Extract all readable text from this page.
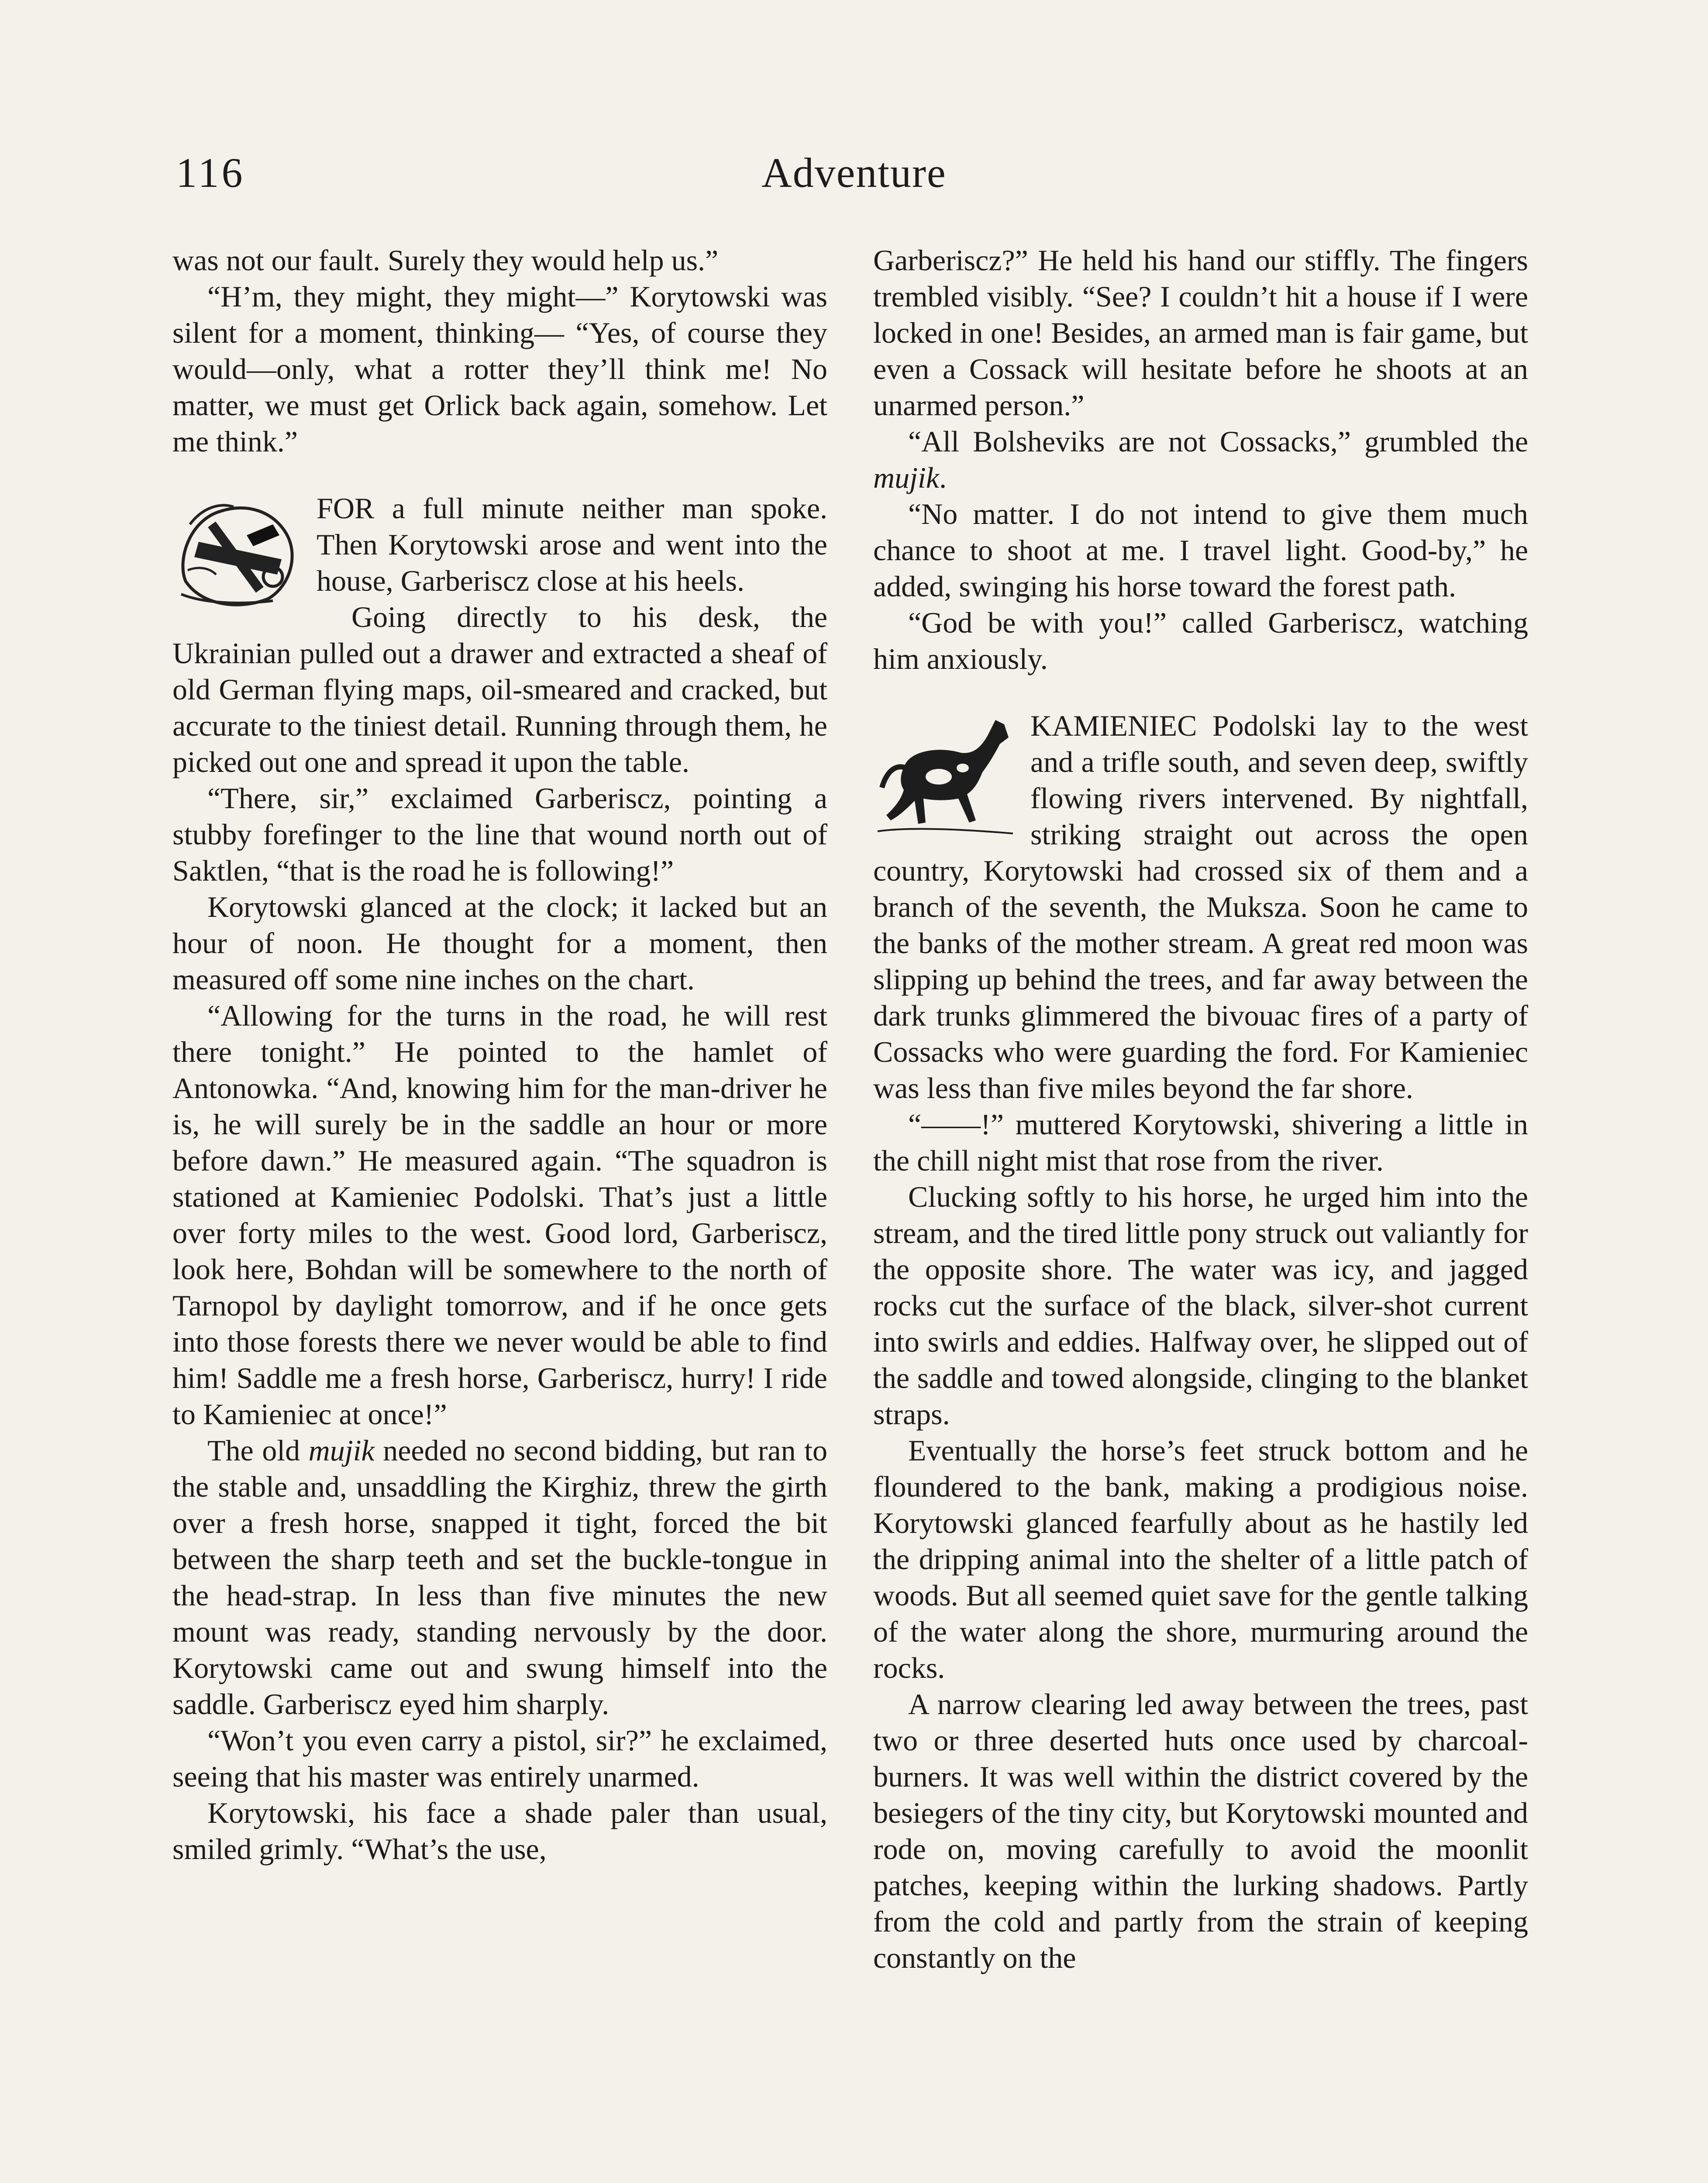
116	Adventure

was not our fault. Surely they would help us.”

“H’m, they might, they might—” Korytowski was silent for a moment, thinking— “Yes, of course they would—only, what a rotter they’ll think me! No matter, we must get Orlick back again, somehow. Let me think.”

FOR a full minute neither man spoke. Then Korytowski arose and went into the house, Garberiscz close at his heels.

Going directly to his desk, the Ukrainian pulled out a drawer and extracted a sheaf of old German flying maps, oil-smeared and cracked, but accurate to the tiniest detail. Running through them, he picked out one and spread it upon the table.

“There, sir,” exclaimed Garberiscz, pointing a stubby forefinger to the line that wound north out of Saktlen, “that is the road he is following!”

Korytowski glanced at the clock; it lacked but an hour of noon. He thought for a moment, then measured off some nine inches on the chart.

“Allowing for the turns in the road, he will rest there tonight.” He pointed to the hamlet of Antonowka. “And, knowing him for the man-driver he is, he will surely be in the saddle an hour or more before dawn.” He measured again. “The squadron is stationed at Kamieniec Podolski. That’s just a little over forty miles to the west. Good lord, Garberiscz, look here, Bohdan will be somewhere to the north of Tarnopol by daylight tomorrow, and if he once gets into those forests there we never would be able to find him! Saddle me a fresh horse, Garberiscz, hurry! I ride to Kamieniec at once!”

The old mujik needed no second bidding, but ran to the stable and, unsaddling the Kirghiz, threw the girth over a fresh horse, snapped it tight, forced the bit between the sharp teeth and set the buckle-tongue in the head-strap. In less than five minutes the new mount was ready, standing nervously by the door. Korytowski came out and swung himself into the saddle. Garberiscz eyed him sharply.

“Won’t you even carry a pistol, sir?” he exclaimed, seeing that his master was entirely unarmed.

Korytowski, his face a shade paler than usual, smiled grimly. “What’s the use,

Garberiscz?” He held his hand our stiffly. The fingers trembled visibly. “See? I couldn’t hit a house if I were locked in one! Besides, an armed man is fair game, but even a Cossack will hesitate before he shoots at an unarmed person.”

“All Bolsheviks are not Cossacks,” grumbled the mujik.

“No matter. I do not intend to give them much chance to shoot at me. I travel light. Good-by,” he added, swinging his horse toward the forest path.

“God be with you!” called Garberiscz, watching him anxiously.

KAMIENIEC Podolski lay to the west and a trifle south, and seven deep, swiftly flowing rivers intervened. By nightfall, striking straight out across the open country, Korytowski had crossed six of them and a branch of the seventh, the Muksza. Soon he came to the banks of the mother stream. A great red moon was slipping up behind the trees, and far away between the dark trunks glimmered the bivouac fires of a party of Cossacks who were guarding the ford. For Kamieniec was less than five miles beyond the far shore.

“——!” muttered Korytowski, shivering a little in the chill night mist that rose from the river.

Clucking softly to his horse, he urged him into the stream, and the tired little pony struck out valiantly for the opposite shore. The water was icy, and jagged rocks cut the surface of the black, silver-shot current into swirls and eddies. Halfway over, he slipped out of the saddle and towed alongside, clinging to the blanket straps.

Eventually the horse’s feet struck bottom and he floundered to the bank, making a prodigious noise. Korytowski glanced fearfully about as he hastily led the dripping animal into the shelter of a little patch of woods. But all seemed quiet save for the gentle talking of the water along the shore, murmuring around the rocks.

A narrow clearing led away between the trees, past two or three deserted huts once used by charcoal-burners. It was well within the district covered by the besiegers of the tiny city, but Korytowski mounted and rode on, moving carefully to avoid the moonlit patches, keeping within the lurking shadows. Partly from the cold and partly from the strain of keeping constantly on the
